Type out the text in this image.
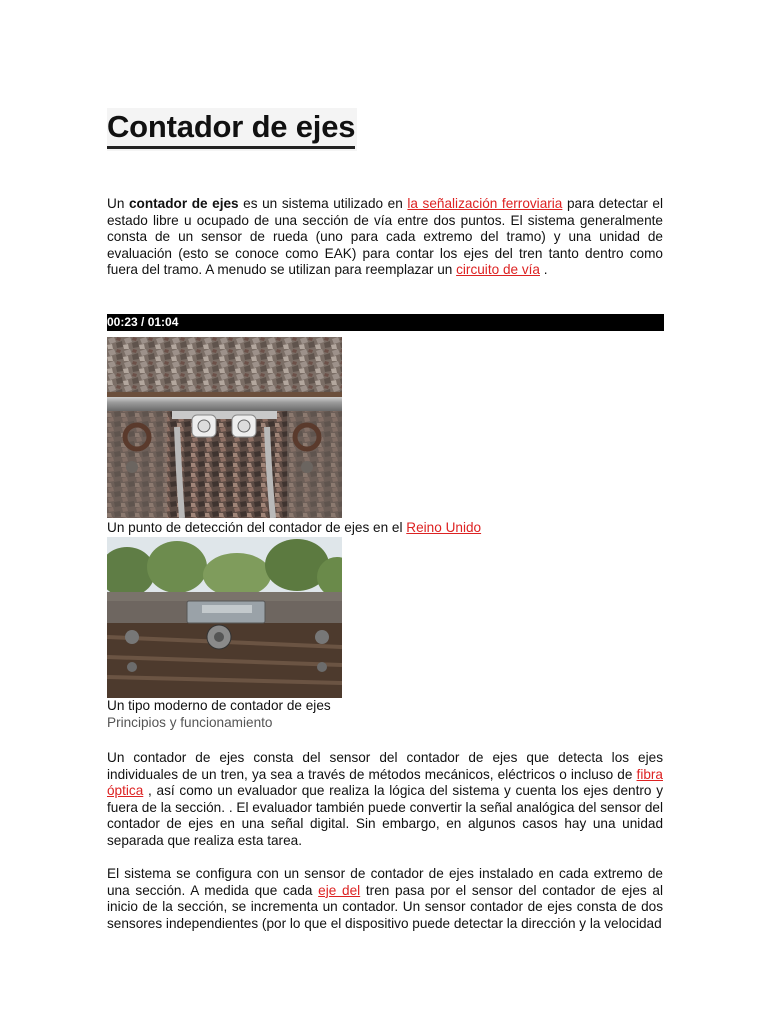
Contador de ejes

Un contador de ejes es un sistema utilizado en la señalización ferroviaria para detectar el estado libre u ocupado de una sección de vía entre dos puntos. El sistema generalmente consta de un sensor de rueda (uno para cada extremo del tramo) y una unidad de evaluación (esto se conoce como EAK) para contar los ejes del tren tanto dentro como fuera del tramo. A menudo se utilizan para reemplazar un circuito de vía .

00:23 / 01:04
Un punto de detección del contador de ejes en el Reino Unido
Un tipo moderno de contador de ejes
Principios y funcionamiento

Un contador de ejes consta del sensor del contador de ejes que detecta los ejes individuales de un tren, ya sea a través de métodos mecánicos, eléctricos o incluso de fibra óptica , así como un evaluador que realiza la lógica del sistema y cuenta los ejes dentro y fuera de la sección. . El evaluador también puede convertir la señal analógica del sensor del contador de ejes en una señal digital. Sin embargo, en algunos casos hay una unidad separada que realiza esta tarea.

El sistema se configura con un sensor de contador de ejes instalado en cada extremo de una sección. A medida que cada eje del tren pasa por el sensor del contador de ejes al inicio de la sección, se incrementa un contador. Un sensor contador de ejes consta de dos sensores independientes (por lo que el dispositivo puede detectar la dirección y la velocidad
